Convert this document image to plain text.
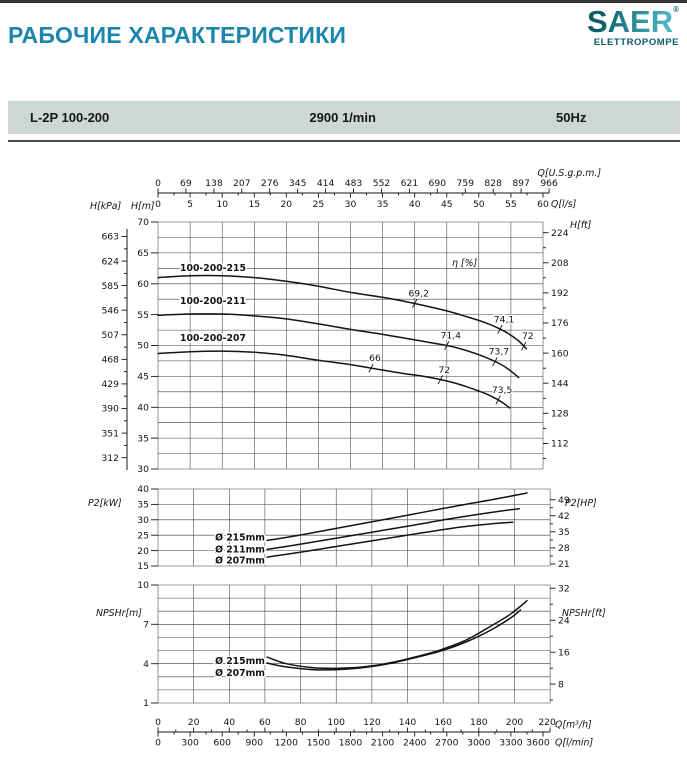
РАБОЧИЕ ХАРАКТЕРИСТИКИ	SAER®
ELETTROPOMPE
L-2P 100-200	2900 1/min	50Hz
0 69 138 207 276 345 414 483 552 621 690 759 828 897 966
0	5	10 15 20 25 30 35 40 45 50 55 60
Q[U.S.g.p.m.]
Q[l/s]
70
65
60
55
50
45
40
35
30
H[kPa] H[m]
663
624
585
546
507
468
429
390
351
312
224
208
192
176
160
144
128
112
H[ft]
η [%]
100-200-215
100-200-211
100-200-207
69,2
74,1
72
71,4
73,7
66
72
73,5
40
35
30
25
20
15
P2[kW]	49
42
35
28
21
P2[HP]
Ø 215mm
Ø 211mm
Ø 207mm
10
7
4
1
NPSHr[m]
32
24
16
8
NPSHr[ft]
Ø 215mm
Ø 207mm
0	20	40	60	80 100 120 140 160 180 200 220
0 300 600 900 1200 1500 1800 2100 2400 2700 3000 3300 3600
Q[m³/h]
Q[l/min]
